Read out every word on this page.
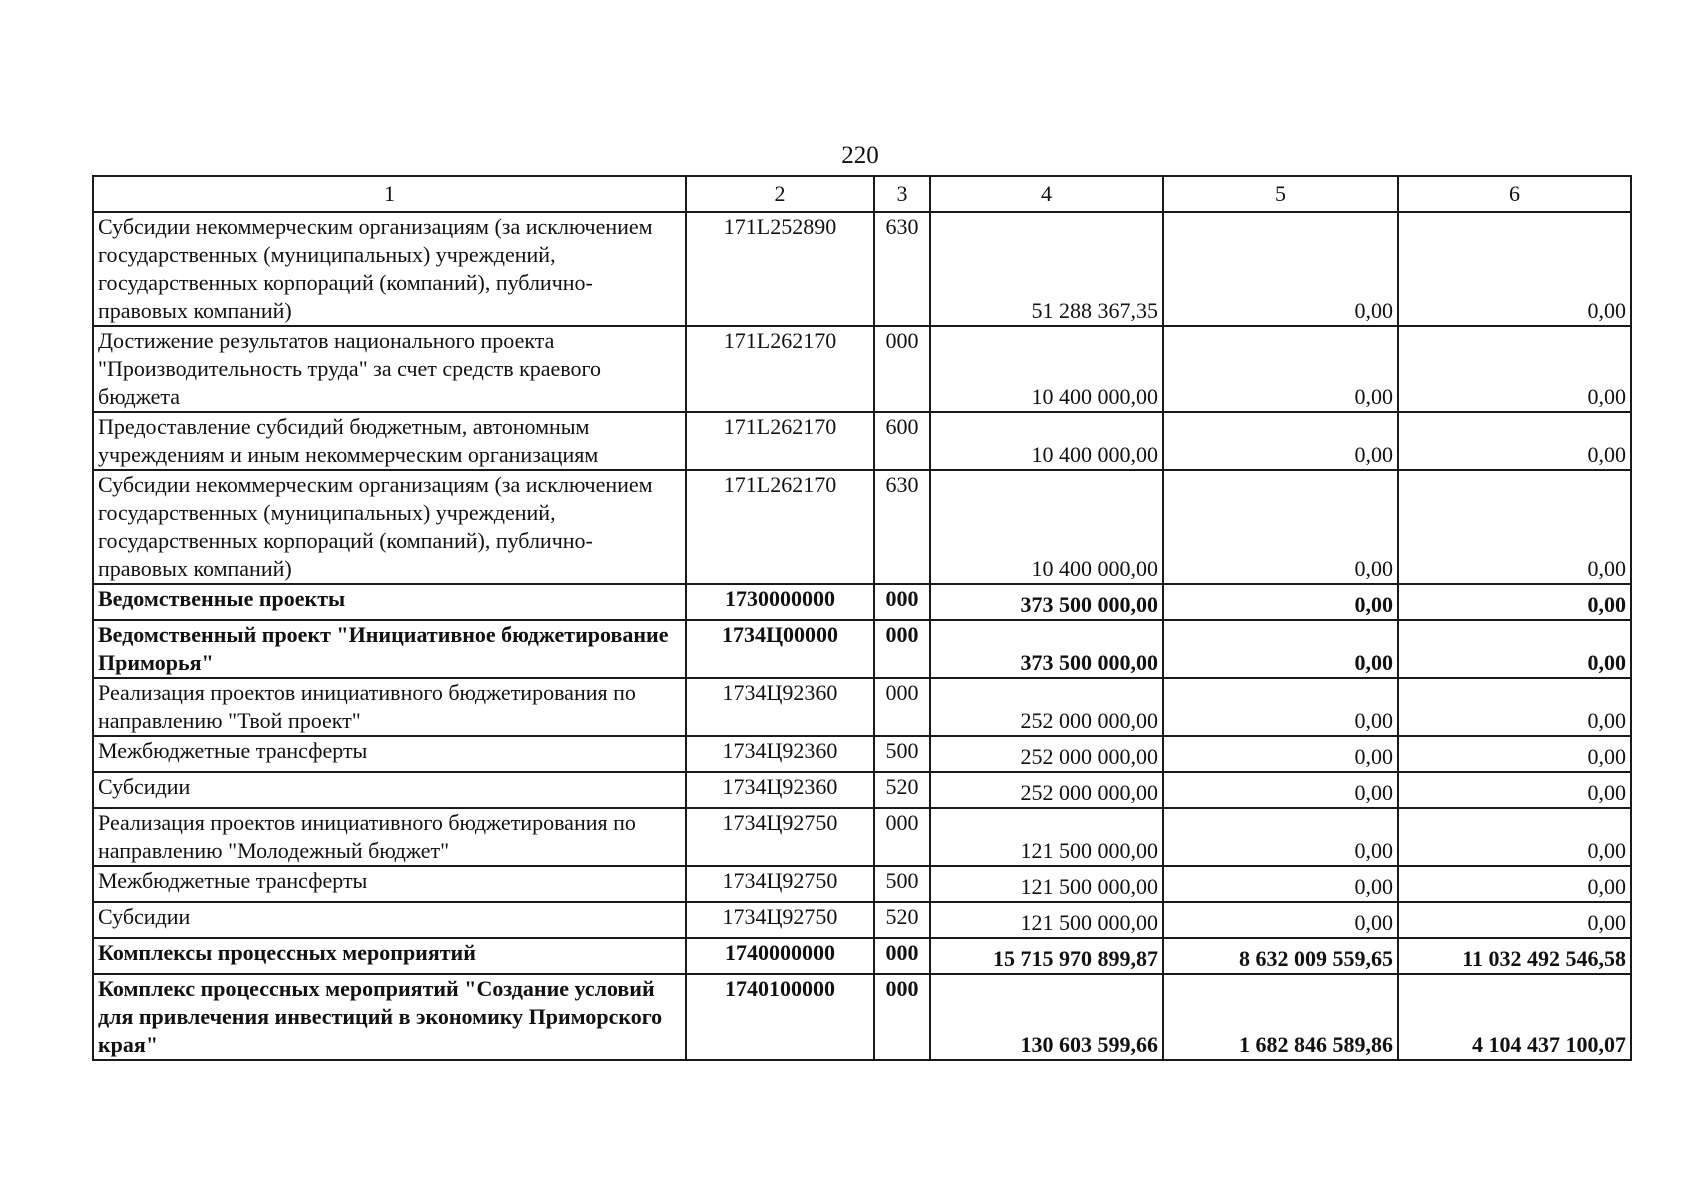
220
1	2	3	4	5	6
Субсидии некоммерческим организациям (за исключением государственных (муниципальных) учреждений, государственных корпораций (компаний), публично-правовых компаний)	171L252890	630	51 288 367,35	0,00	0,00
Достижение результатов национального проекта "Производительность труда" за счет средств краевого бюджета	171L262170	000	10 400 000,00	0,00	0,00
Предоставление субсидий бюджетным, автономным учреждениям и иным некоммерческим организациям	171L262170	600	10 400 000,00	0,00	0,00
Субсидии некоммерческим организациям (за исключением государственных (муниципальных) учреждений, государственных корпораций (компаний), публично-правовых компаний)	171L262170	630	10 400 000,00	0,00	0,00
Ведомственные проекты	1730000000	000	373 500 000,00	0,00	0,00
Ведомственный проект "Инициативное бюджетирование Приморья"	1734Ц00000	000	373 500 000,00	0,00	0,00
Реализация проектов инициативного бюджетирования по направлению "Твой проект"	1734Ц92360	000	252 000 000,00	0,00	0,00
Межбюджетные трансферты	1734Ц92360	500	252 000 000,00	0,00	0,00
Субсидии	1734Ц92360	520	252 000 000,00	0,00	0,00
Реализация проектов инициативного бюджетирования по направлению "Молодежный бюджет"	1734Ц92750	000	121 500 000,00	0,00	0,00
Межбюджетные трансферты	1734Ц92750	500	121 500 000,00	0,00	0,00
Субсидии	1734Ц92750	520	121 500 000,00	0,00	0,00
Комплексы процессных мероприятий	1740000000	000	15 715 970 899,87	8 632 009 559,65	11 032 492 546,58
Комплекс процессных мероприятий "Создание условий для привлечения инвестиций в экономику Приморского края"	1740100000	000	130 603 599,66	1 682 846 589,86	4 104 437 100,07
